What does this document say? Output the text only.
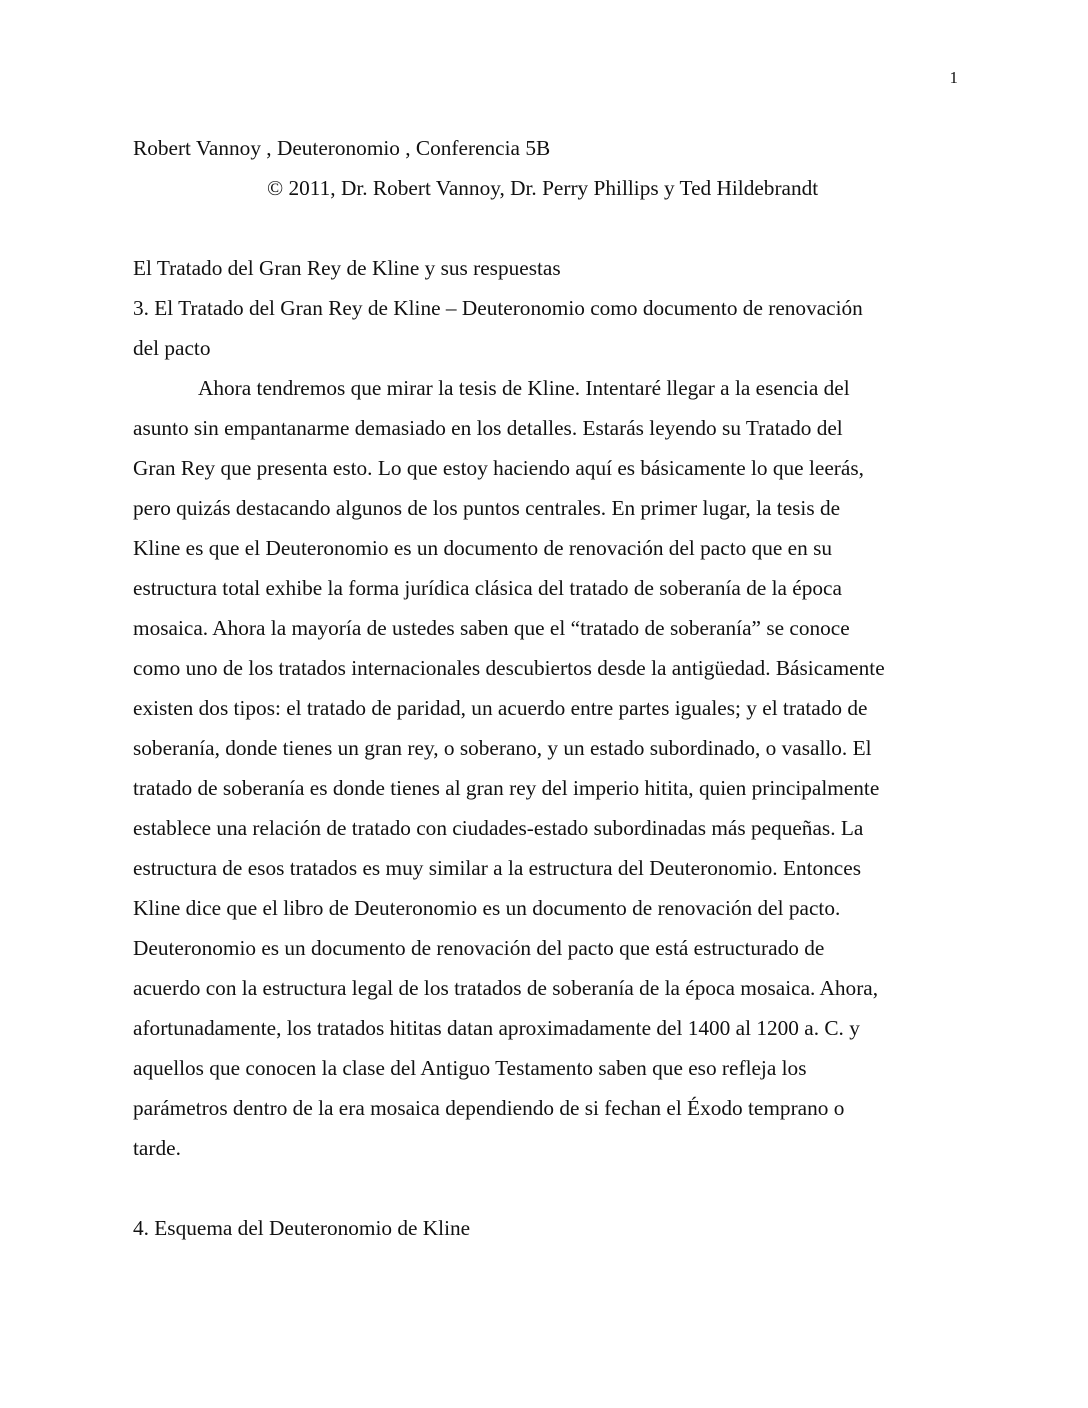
1
Robert Vannoy , Deuteronomio , Conferencia 5B
© 2011, Dr. Robert Vannoy, Dr. Perry Phillips y Ted Hildebrandt
El Tratado del Gran Rey de Kline y sus respuestas
3. El Tratado del Gran Rey de Kline – Deuteronomio como documento de renovación
del pacto
Ahora tendremos que mirar la tesis de Kline. Intentaré llegar a la esencia del
asunto sin empantanarme demasiado en los detalles. Estarás leyendo su Tratado del
Gran Rey que presenta esto. Lo que estoy haciendo aquí es básicamente lo que leerás,
pero quizás destacando algunos de los puntos centrales. En primer lugar, la tesis de
Kline es que el Deuteronomio es un documento de renovación del pacto que en su
estructura total exhibe la forma jurídica clásica del tratado de soberanía de la época
mosaica. Ahora la mayoría de ustedes saben que el “tratado de soberanía” se conoce
como uno de los tratados internacionales descubiertos desde la antigüedad. Básicamente
existen dos tipos: el tratado de paridad, un acuerdo entre partes iguales; y el tratado de
soberanía, donde tienes un gran rey, o soberano, y un estado subordinado, o vasallo. El
tratado de soberanía es donde tienes al gran rey del imperio hitita, quien principalmente
establece una relación de tratado con ciudades-estado subordinadas más pequeñas. La
estructura de esos tratados es muy similar a la estructura del Deuteronomio. Entonces
Kline dice que el libro de Deuteronomio es un documento de renovación del pacto.
Deuteronomio es un documento de renovación del pacto que está estructurado de
acuerdo con la estructura legal de los tratados de soberanía de la época mosaica. Ahora,
afortunadamente, los tratados hititas datan aproximadamente del 1400 al 1200 a. C. y
aquellos que conocen la clase del Antiguo Testamento saben que eso refleja los
parámetros dentro de la era mosaica dependiendo de si fechan el Éxodo temprano o
tarde.
4. Esquema del Deuteronomio de Kline
